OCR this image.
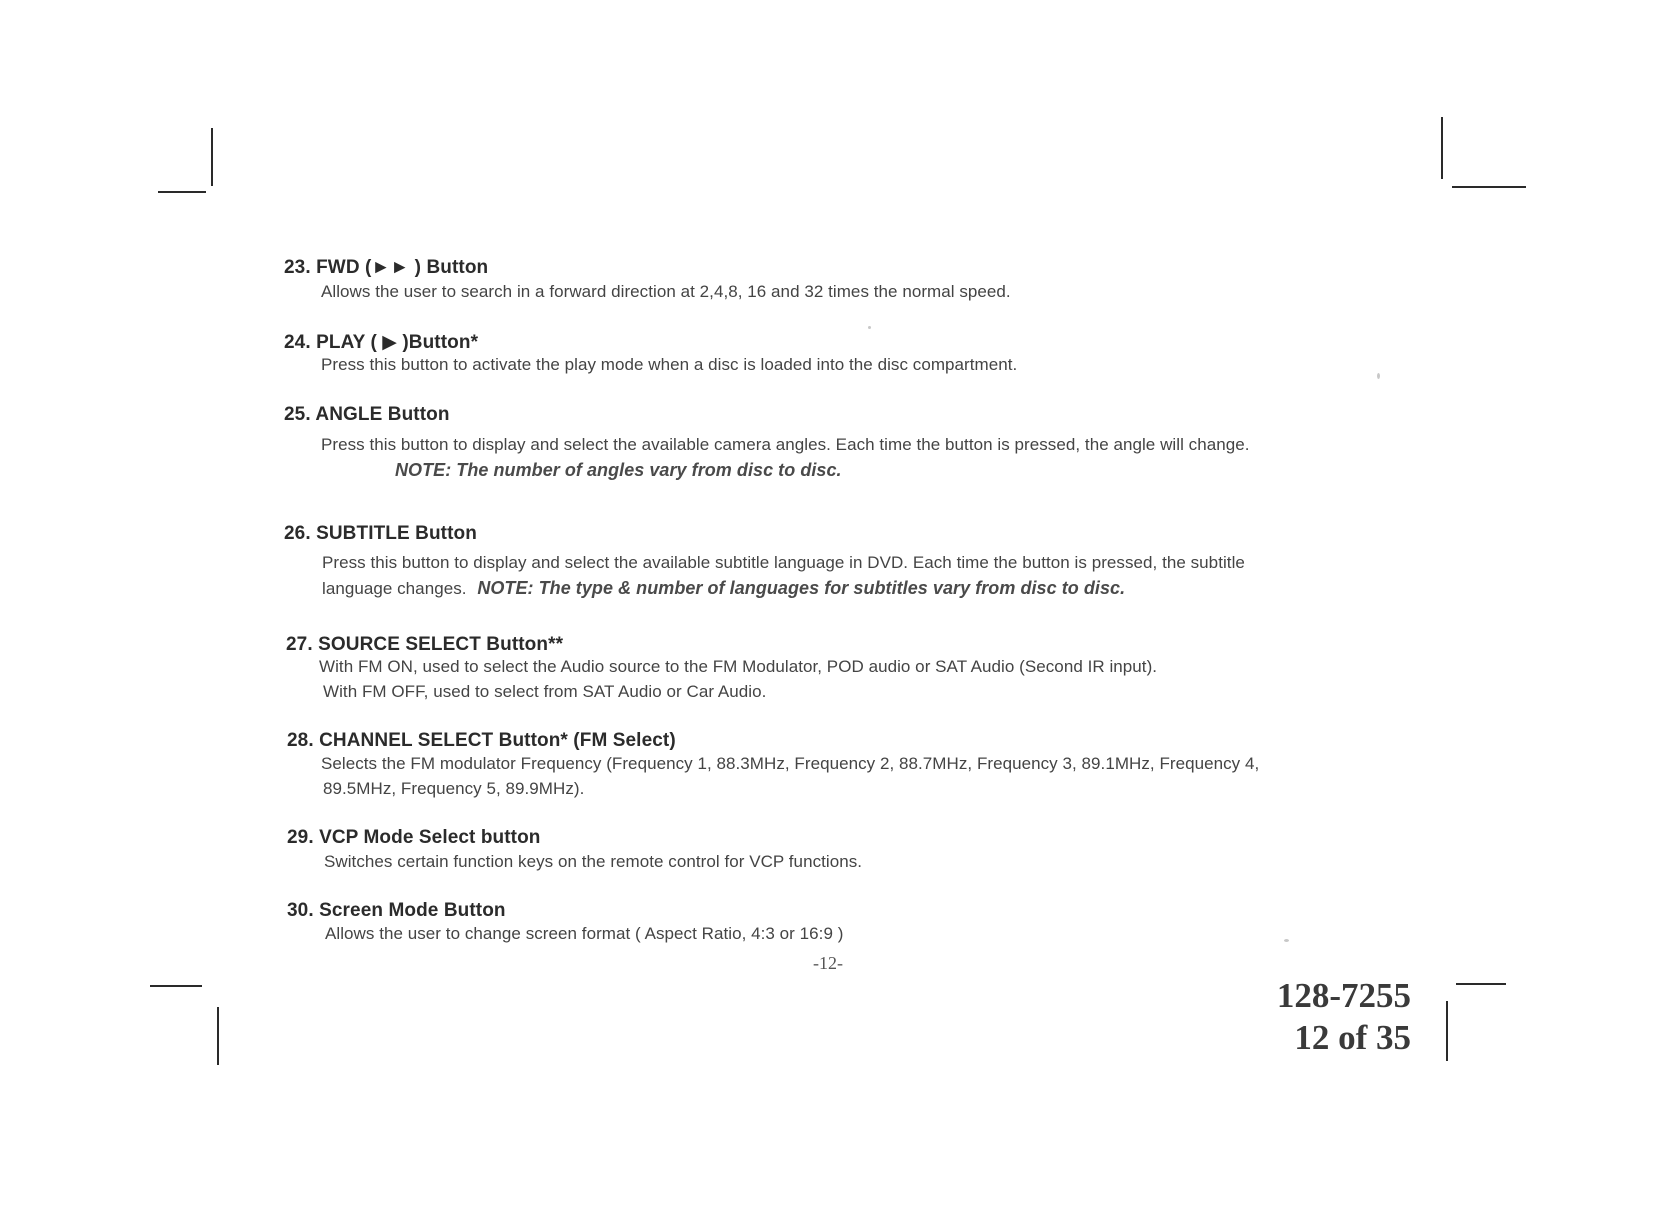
23. FWD (►► ) Button
Allows the user to search in a forward direction at 2,4,8, 16 and 32 times the normal speed.
24. PLAY ( ▶ )Button*
Press this button to activate the play mode when a disc is loaded into the disc compartment.
25. ANGLE Button
Press this button to display and select the available camera angles. Each time the button is pressed, the angle will change.
NOTE: The number of angles vary from disc to disc.
26. SUBTITLE Button
Press this button to display and select the available subtitle language in DVD. Each time the button is pressed, the subtitle
language changes. NOTE: The type & number of languages for subtitles vary from disc to disc.
27. SOURCE SELECT Button**
With FM ON, used to select the Audio source to the FM Modulator, POD audio or SAT Audio (Second IR input).
With FM OFF, used to select from SAT Audio or Car Audio.
28. CHANNEL SELECT Button* (FM Select)
Selects the FM modulator Frequency (Frequency 1, 88.3MHz, Frequency 2, 88.7MHz, Frequency 3, 89.1MHz, Frequency 4,
89.5MHz, Frequency 5, 89.9MHz).
29. VCP Mode Select button
Switches certain function keys on the remote control for VCP functions.
30. Screen Mode Button
Allows the user to change screen format ( Aspect Ratio, 4:3 or 16:9 )
-12-
128-7255
12 of 35
